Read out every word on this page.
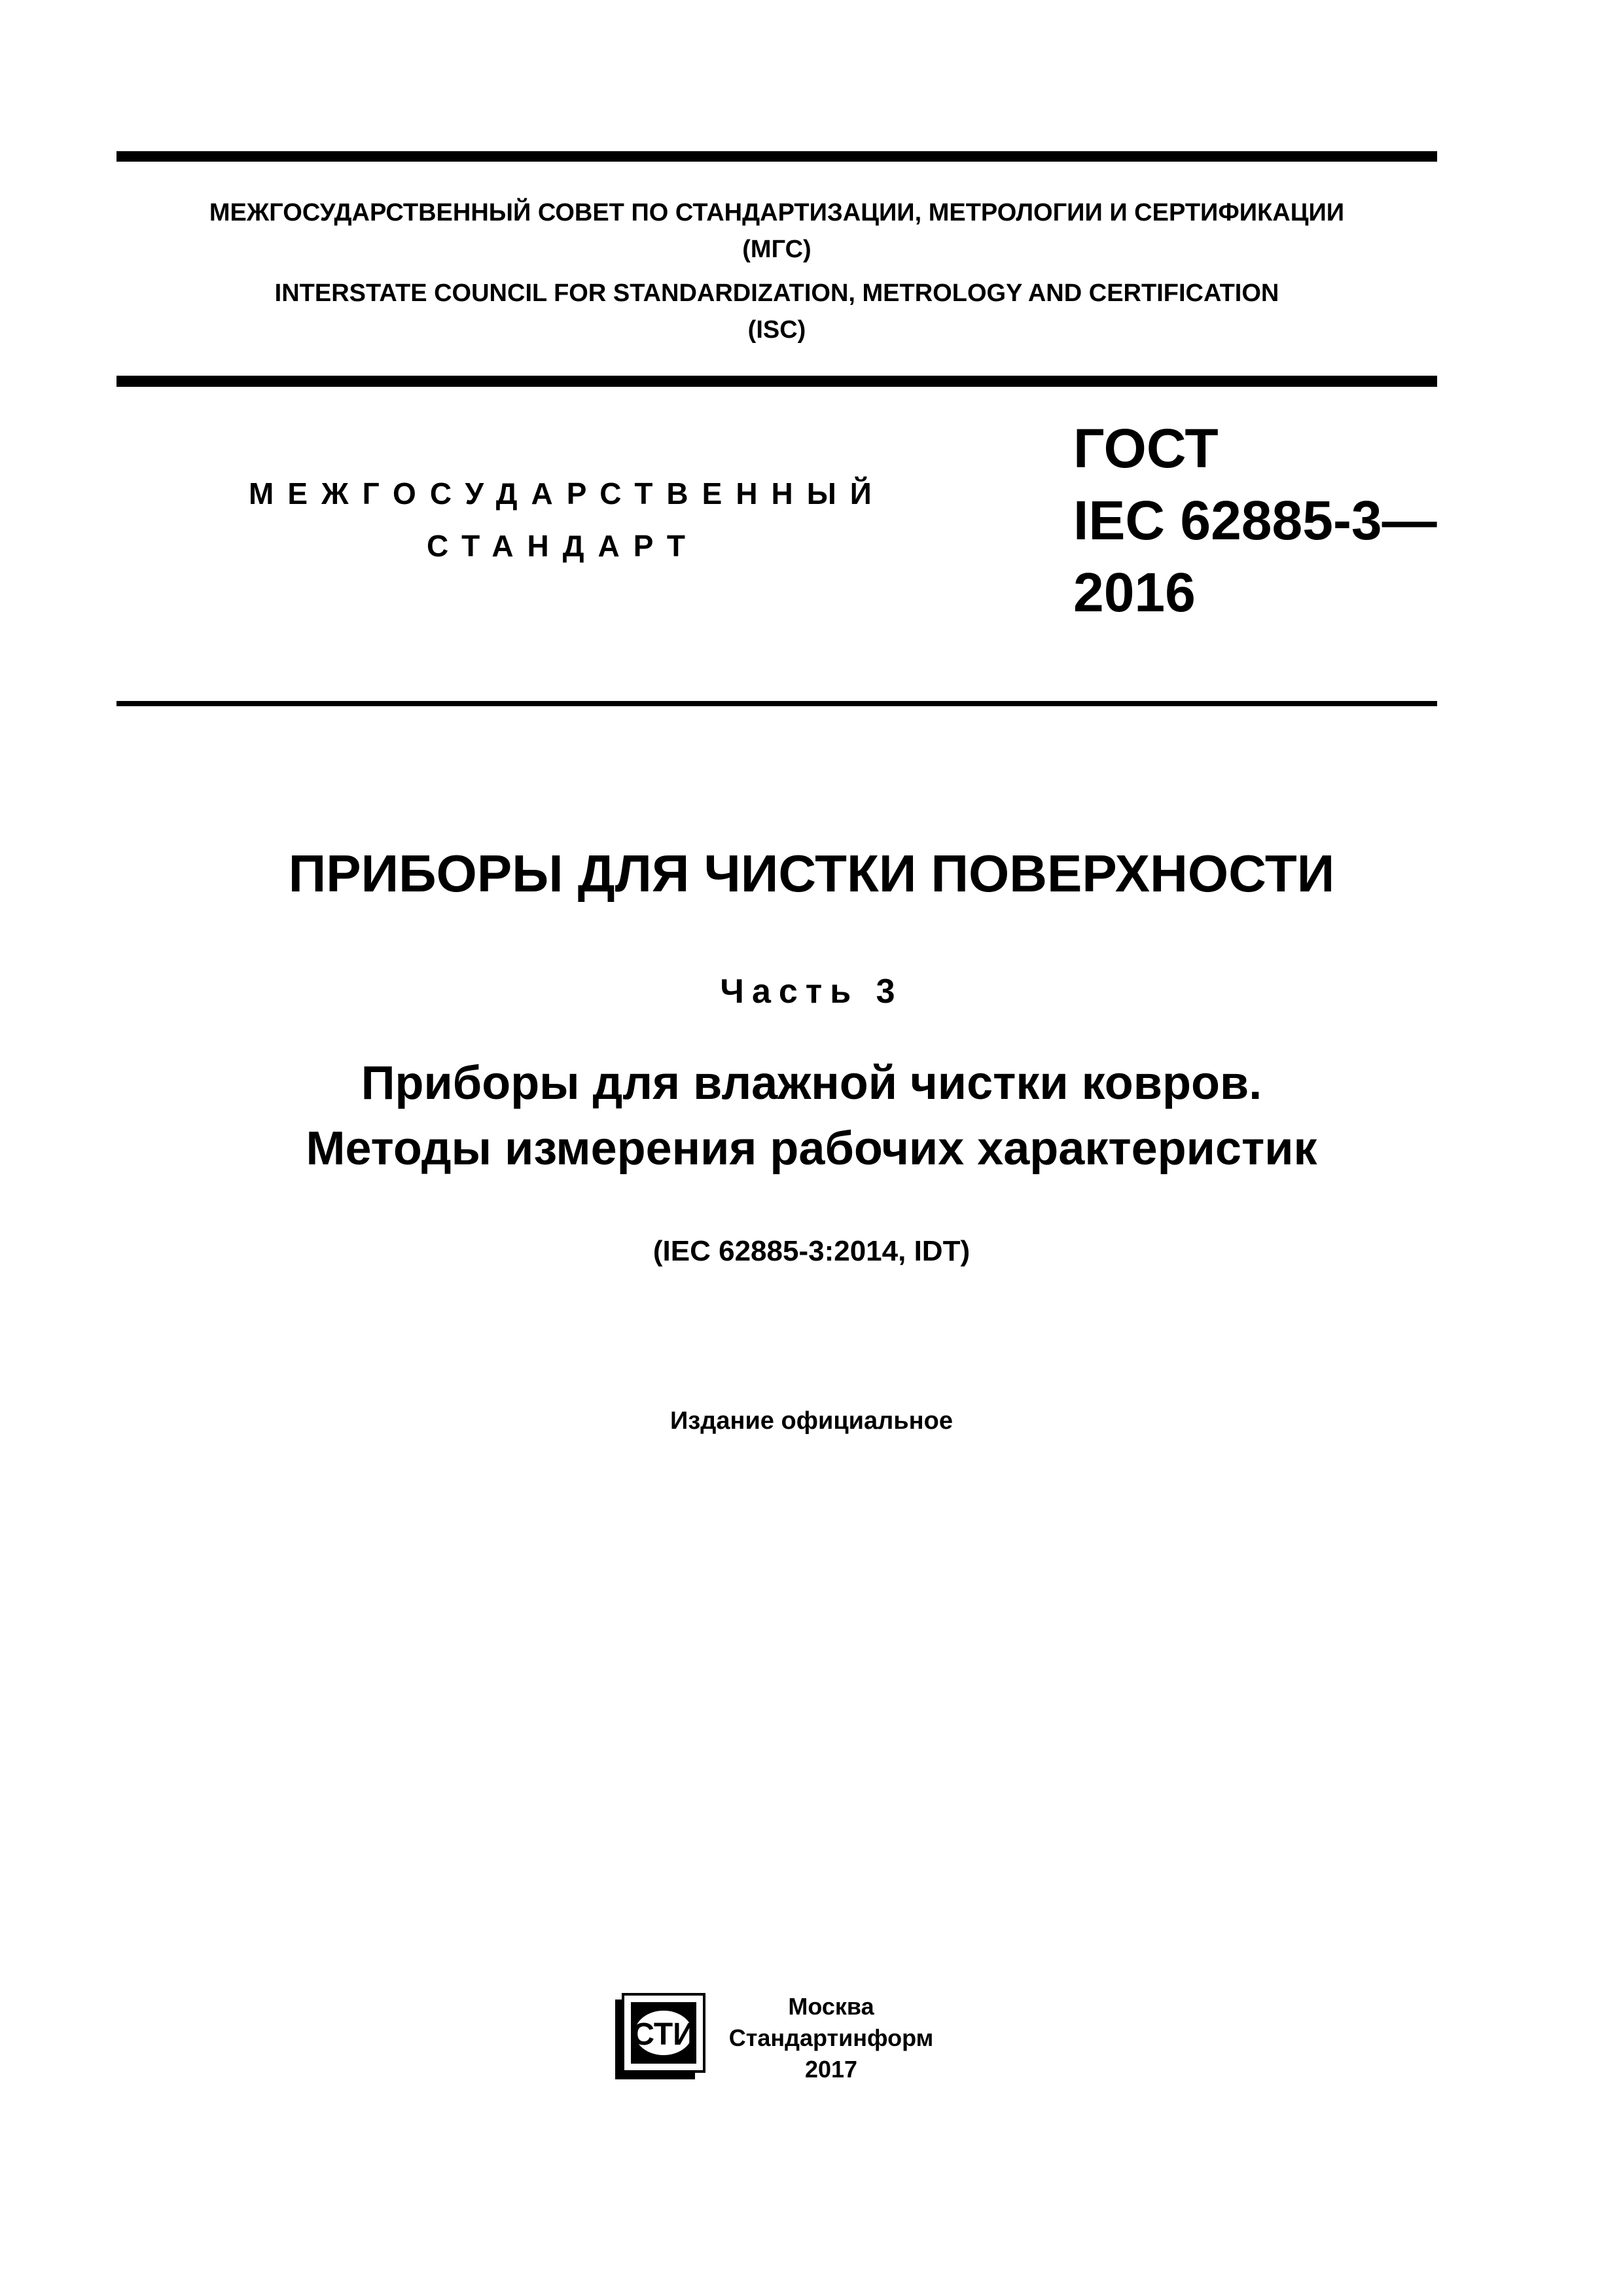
МЕЖГОСУДАРСТВЕННЫЙ СОВЕТ ПО СТАНДАРТИЗАЦИИ, МЕТРОЛОГИИ И СЕРТИФИКАЦИИ
(МГС)
INTERSTATE COUNCIL FOR STANDARDIZATION, METROLOGY AND CERTIFICATION
(ISC)
МЕЖГОСУДАРСТВЕННЫЙ
СТАНДАРТ
ГОСТ
IEC 62885-3—
2016
ПРИБОРЫ ДЛЯ ЧИСТКИ ПОВЕРХНОСТИ
Часть 3
Приборы для влажной чистки ковров.
Методы измерения рабочих характеристик
(IEC 62885-3:2014, IDT)
Издание официальное
СТИ
Москва
Стандартинформ
2017
